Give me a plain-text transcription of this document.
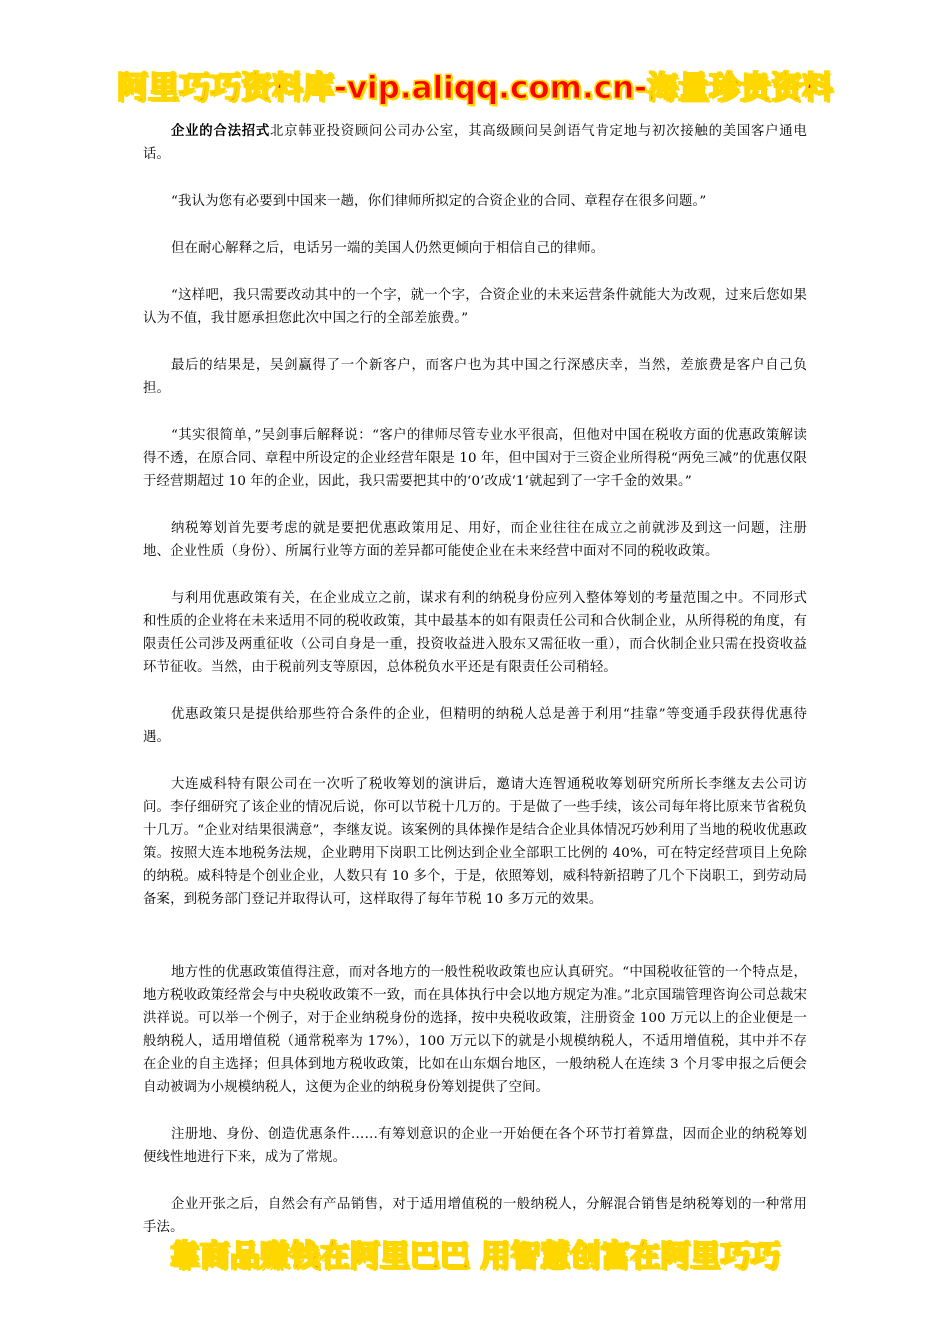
阿里巧巧资料库-vip.aliqq.com.cn-海量珍贵资料

企业的合法招式北京韩亚投资顾问公司办公室，其高级顾问吴剑语气肯定地与初次接触的美国客户通电话。

“我认为您有必要到中国来一趟，你们律师所拟定的合资企业的合同、章程存在很多问题。”

但在耐心解释之后，电话另一端的美国人仍然更倾向于相信自己的律师。

“这样吧，我只需要改动其中的一个字，就一个字，合资企业的未来运营条件就能大为改观，过来后您如果认为不值，我甘愿承担您此次中国之行的全部差旅费。”

最后的结果是，吴剑赢得了一个新客户，而客户也为其中国之行深感庆幸，当然，差旅费是客户自己负担。

“其实很简单，”吴剑事后解释说：“客户的律师尽管专业水平很高，但他对中国在税收方面的优惠政策解读得不透，在原合同、章程中所设定的企业经营年限是 10 年，但中国对于三资企业所得税“两免三减”的优惠仅限于经营期超过 10 年的企业，因此，我只需要把其中的‘0’改成‘1’就起到了一字千金的效果。”

纳税筹划首先要考虑的就是要把优惠政策用足、用好，而企业往往在成立之前就涉及到这一问题，注册地、企业性质（身份）、所属行业等方面的差异都可能使企业在未来经营中面对不同的税收政策。

与利用优惠政策有关，在企业成立之前，谋求有利的纳税身份应列入整体筹划的考量范围之中。不同形式和性质的企业将在未来适用不同的税收政策，其中最基本的如有限责任公司和合伙制企业，从所得税的角度，有限责任公司涉及两重征收（公司自身是一重，投资收益进入股东又需征收一重），而合伙制企业只需在投资收益环节征收。当然，由于税前列支等原因，总体税负水平还是有限责任公司稍轻。

优惠政策只是提供给那些符合条件的企业，但精明的纳税人总是善于利用“挂靠”等变通手段获得优惠待遇。

大连威科特有限公司在一次听了税收筹划的演讲后，邀请大连智通税收筹划研究所所长李继友去公司访问。李仔细研究了该企业的情况后说，你可以节税十几万的。于是做了一些手续，该公司每年将比原来节省税负十几万。“企业对结果很满意”，李继友说。该案例的具体操作是结合企业具体情况巧妙利用了当地的税收优惠政策。按照大连本地税务法规，企业聘用下岗职工比例达到企业全部职工比例的 40%，可在特定经营项目上免除的纳税。威科特是个创业企业，人数只有 10 多个，于是，依照筹划，威科特新招聘了几个下岗职工，到劳动局备案，到税务部门登记并取得认可，这样取得了每年节税 10 多万元的效果。

地方性的优惠政策值得注意，而对各地方的一般性税收政策也应认真研究。“中国税收征管的一个特点是，地方税收政策经常会与中央税收政策不一致，而在具体执行中会以地方规定为准。”北京国瑞管理咨询公司总裁宋洪祥说。可以举一个例子，对于企业纳税身份的选择，按中央税收政策，注册资金 100 万元以上的企业便是一般纳税人，适用增值税（通常税率为 17%），100 万元以下的就是小规模纳税人，不适用增值税，其中并不存在企业的自主选择；但具体到地方税收政策，比如在山东烟台地区，一般纳税人在连续 3 个月零申报之后便会自动被调为小规模纳税人，这便为企业的纳税身份筹划提供了空间。

注册地、身份、创造优惠条件……有筹划意识的企业一开始便在各个环节打着算盘，因而企业的纳税筹划便线性地进行下来，成为了常规。

企业开张之后，自然会有产品销售，对于适用增值税的一般纳税人，分解混合销售是纳税筹划的一种常用手法。

靠商品赚钱在阿里巴巴 用智慧创富在阿里巧巧
